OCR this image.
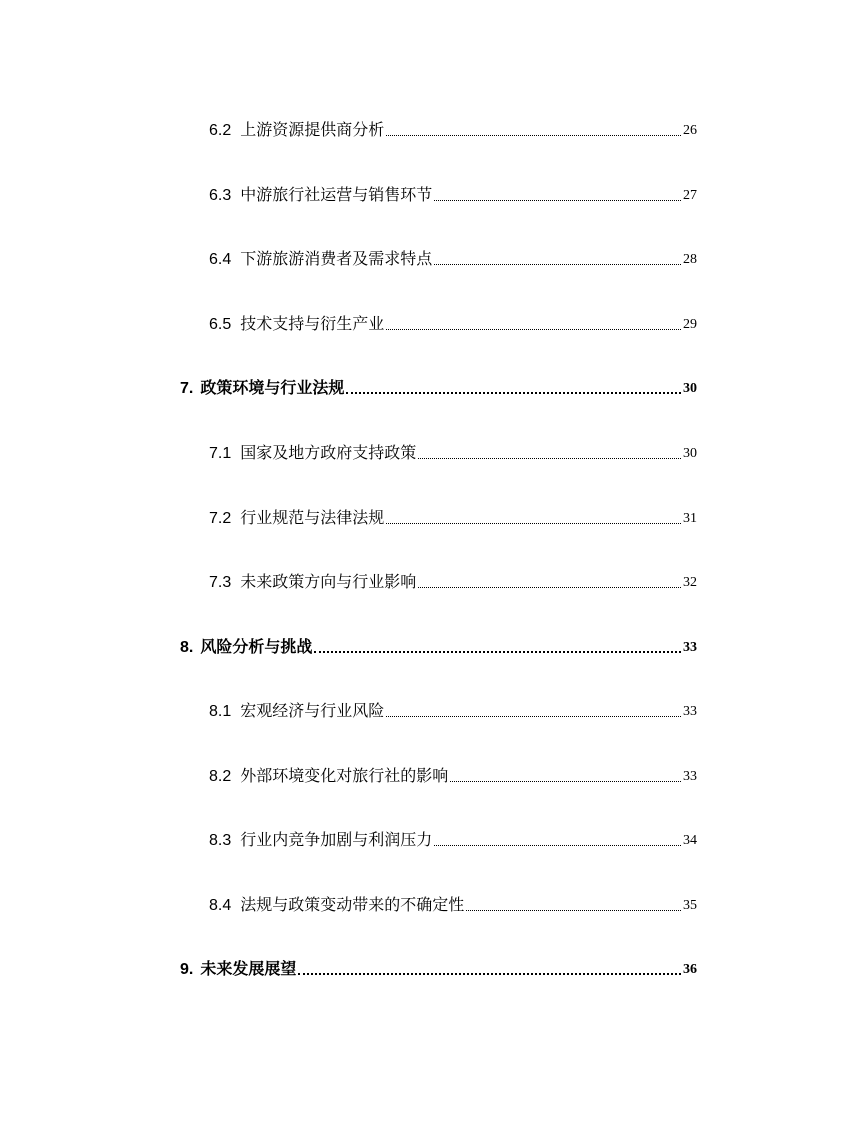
6.2 上游资源提供商分析	26
6.3 中游旅行社运营与销售环节	27
6.4 下游旅游消费者及需求特点	28
6.5 技术支持与衍生产业	29
7. 政策环境与行业法规	30
7.1 国家及地方政府支持政策	30
7.2 行业规范与法律法规	31
7.3 未来政策方向与行业影响	32
8. 风险分析与挑战	33
8.1 宏观经济与行业风险	33
8.2 外部环境变化对旅行社的影响	33
8.3 行业内竞争加剧与利润压力	34
8.4 法规与政策变动带来的不确定性	35
9. 未来发展展望	36
